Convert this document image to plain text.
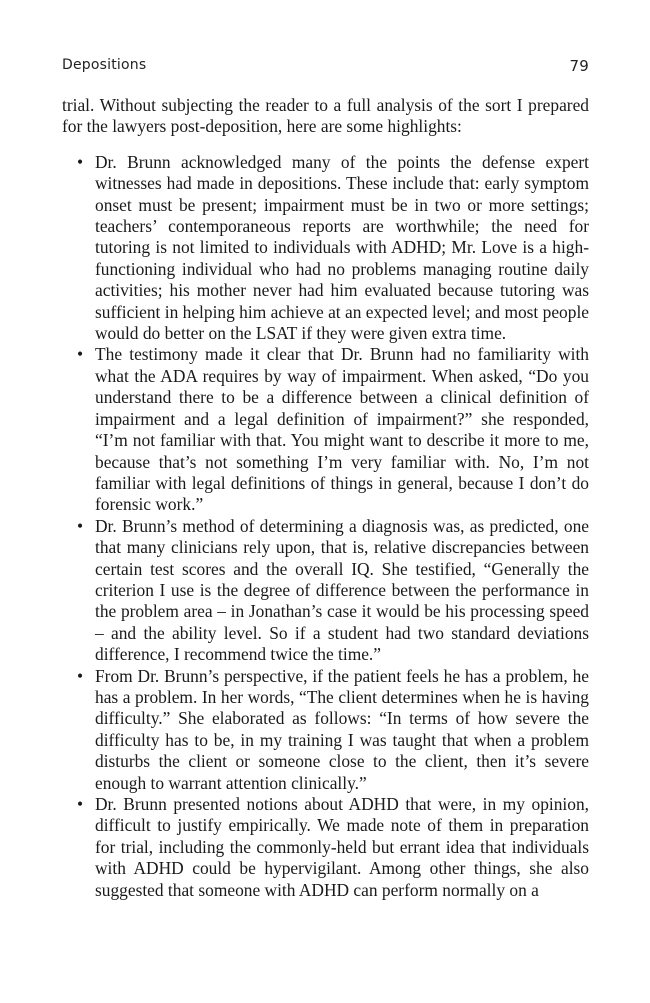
Depositions	79

trial. Without subjecting the reader to a full analysis of the sort I prepared for the lawyers post-deposition, here are some highlights:

• Dr. Brunn acknowledged many of the points the defense expert witnesses had made in depositions. These include that: early symptom onset must be present; impairment must be in two or more settings; teachers’ contemporaneous reports are worthwhile; the need for tutoring is not limited to individuals with ADHD; Mr. Love is a high-functioning individual who had no problems managing routine daily activities; his mother never had him evaluated because tutoring was sufficient in helping him achieve at an expected level; and most people would do better on the LSAT if they were given extra time.
• The testimony made it clear that Dr. Brunn had no familiarity with what the ADA requires by way of impairment. When asked, “Do you understand there to be a difference between a clinical definition of impairment and a legal definition of impairment?” she responded, “I’m not familiar with that. You might want to describe it more to me, because that’s not something I’m very familiar with. No, I’m not familiar with legal definitions of things in general, because I don’t do forensic work.”
• Dr. Brunn’s method of determining a diagnosis was, as predicted, one that many clinicians rely upon, that is, relative discrepancies between certain test scores and the overall IQ. She testified, “Generally the criterion I use is the degree of difference between the performance in the problem area – in Jonathan’s case it would be his processing speed – and the ability level. So if a student had two standard deviations difference, I recommend twice the time.”
• From Dr. Brunn’s perspective, if the patient feels he has a problem, he has a problem. In her words, “The client determines when he is having difficulty.” She elaborated as follows: “In terms of how severe the difficulty has to be, in my training I was taught that when a problem disturbs the client or someone close to the client, then it’s severe enough to warrant attention clinically.”
• Dr. Brunn presented notions about ADHD that were, in my opinion, difficult to justify empirically. We made note of them in preparation for trial, including the commonly-held but errant idea that individuals with ADHD could be hypervigilant. Among other things, she also suggested that someone with ADHD can perform normally on a
